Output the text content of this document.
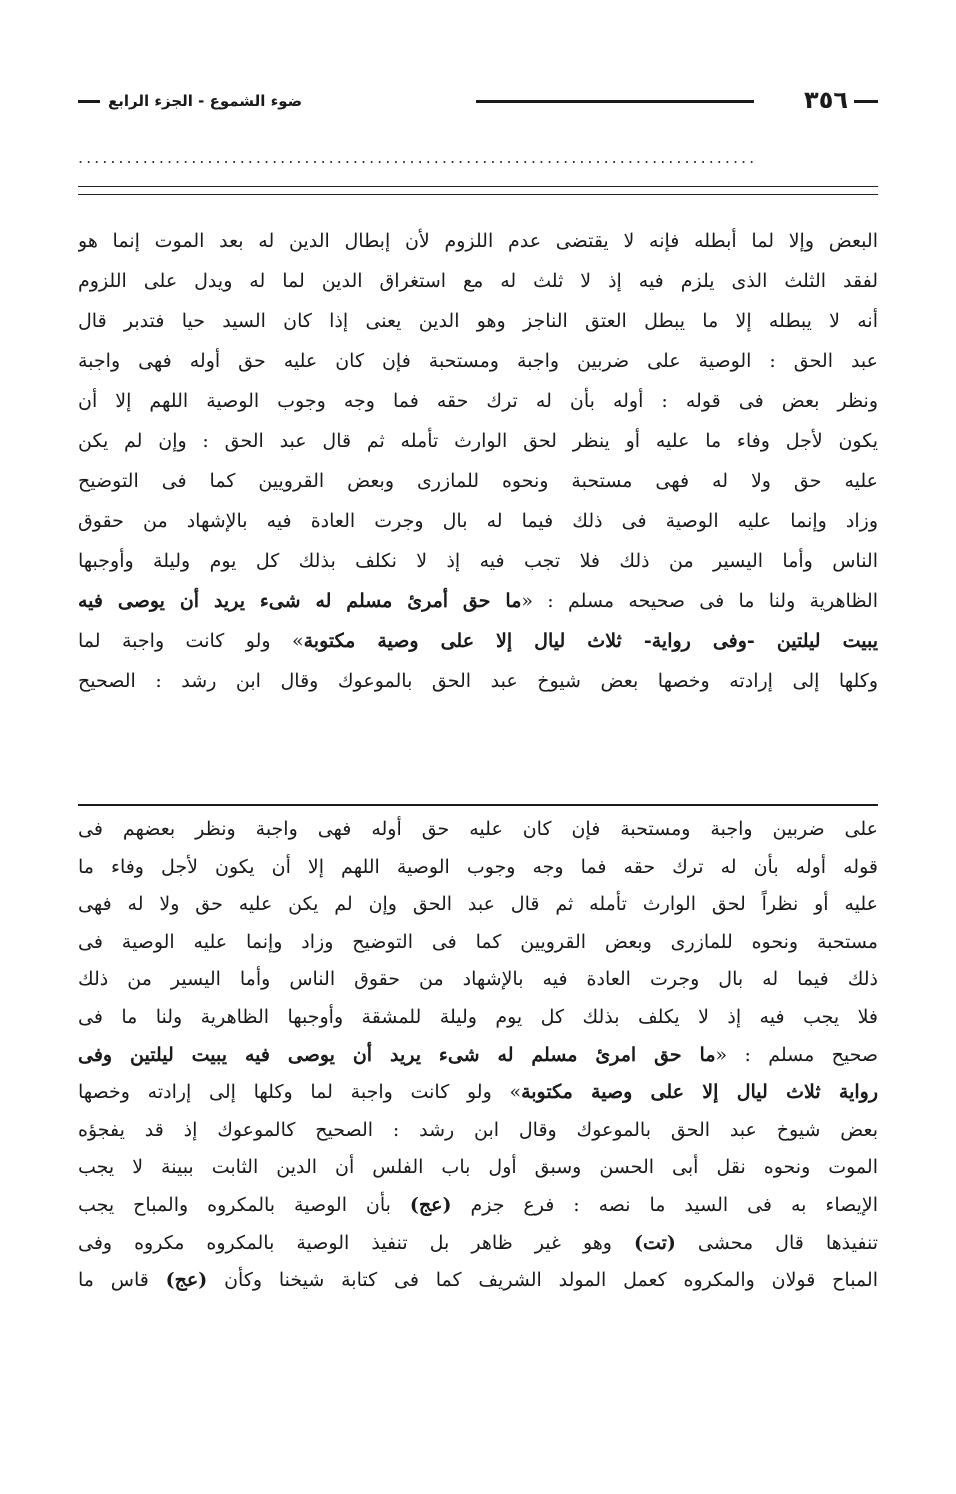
٣٥٦
ضوء الشموع - الجزء الرابع
....................................................................................
البعض وإلا لما أبطله فإنه لا يقتضى عدم اللزوم لأن إبطال الدين له بعد الموت إنما هو
لفقد الثلث الذى يلزم فيه إذ لا ثلث له مع استغراق الدين لما له ويدل على اللزوم
أنه لا يبطله إلا ما يبطل العتق الناجز وهو الدين يعنى إذا كان السيد حيا فتدبر قال
عبد الحق : الوصية على ضربين واجبة ومستحبة فإن كان عليه حق أوله فهى واجبة
ونظر بعض فى قوله : أوله بأن له ترك حقه فما وجه وجوب الوصية اللهم إلا أن
يكون لأجل وفاء ما عليه أو ينظر لحق الوارث تأمله ثم قال عبد الحق : وإن لم يكن
عليه حق ولا له فهى مستحبة ونحوه للمازرى وبعض القرويين كما فى التوضيح
وزاد وإنما عليه الوصية فى ذلك فيما له بال وجرت العادة فيه بالإشهاد من حقوق
الناس وأما اليسير من ذلك فلا تجب فيه إذ لا نكلف بذلك كل يوم وليلة وأوجبها
الظاهرية ولنا ما فى صحيحه مسلم : «ما حق أمرئ مسلم له شىء يريد أن يوصى فيه
يبيت ليلتين -وفى رواية- ثلاث ليال إلا على وصية مكتوبة» ولو كانت واجبة لما
وكلها إلى إرادته وخصها بعض شيوخ عبد الحق بالموعوك وقال ابن رشد : الصحيح
على ضربين واجبة ومستحبة فإن كان عليه حق أوله فهى واجبة ونظر بعضهم فى
قوله أوله بأن له ترك حقه فما وجه وجوب الوصية اللهم إلا أن يكون لأجل وفاء ما
عليه أو نظراً لحق الوارث تأمله ثم قال عبد الحق وإن لم يكن عليه حق ولا له فهى
مستحبة ونحوه للمازرى وبعض القرويين كما فى التوضيح وزاد وإنما عليه الوصية فى
ذلك فيما له بال وجرت العادة فيه بالإشهاد من حقوق الناس وأما اليسير من ذلك
فلا يجب فيه إذ لا يكلف بذلك كل يوم وليلة للمشقة وأوجبها الظاهرية ولنا ما فى
صحيح مسلم : «ما حق امرئ مسلم له شىء يريد أن يوصى فيه يبيت ليلتين وفى
رواية ثلاث ليال إلا على وصية مكتوبة» ولو كانت واجبة لما وكلها إلى إرادته وخصها
بعض شيوخ عبد الحق بالموعوك وقال ابن رشد : الصحيح كالموعوك إذ قد يفجؤه
الموت ونحوه نقل أبى الحسن وسبق أول باب الفلس أن الدين الثابت ببينة لا يجب
الإيصاء به فى السيد ما نصه : فرع جزم (عج) بأن الوصية بالمكروه والمباح يجب
تنفيذها قال محشى (تت) وهو غير ظاهر بل تنفيذ الوصية بالمكروه مكروه وفى
المباح قولان والمكروه كعمل المولد الشريف كما فى كتابة شيخنا وكأن (عج) قاس ما
